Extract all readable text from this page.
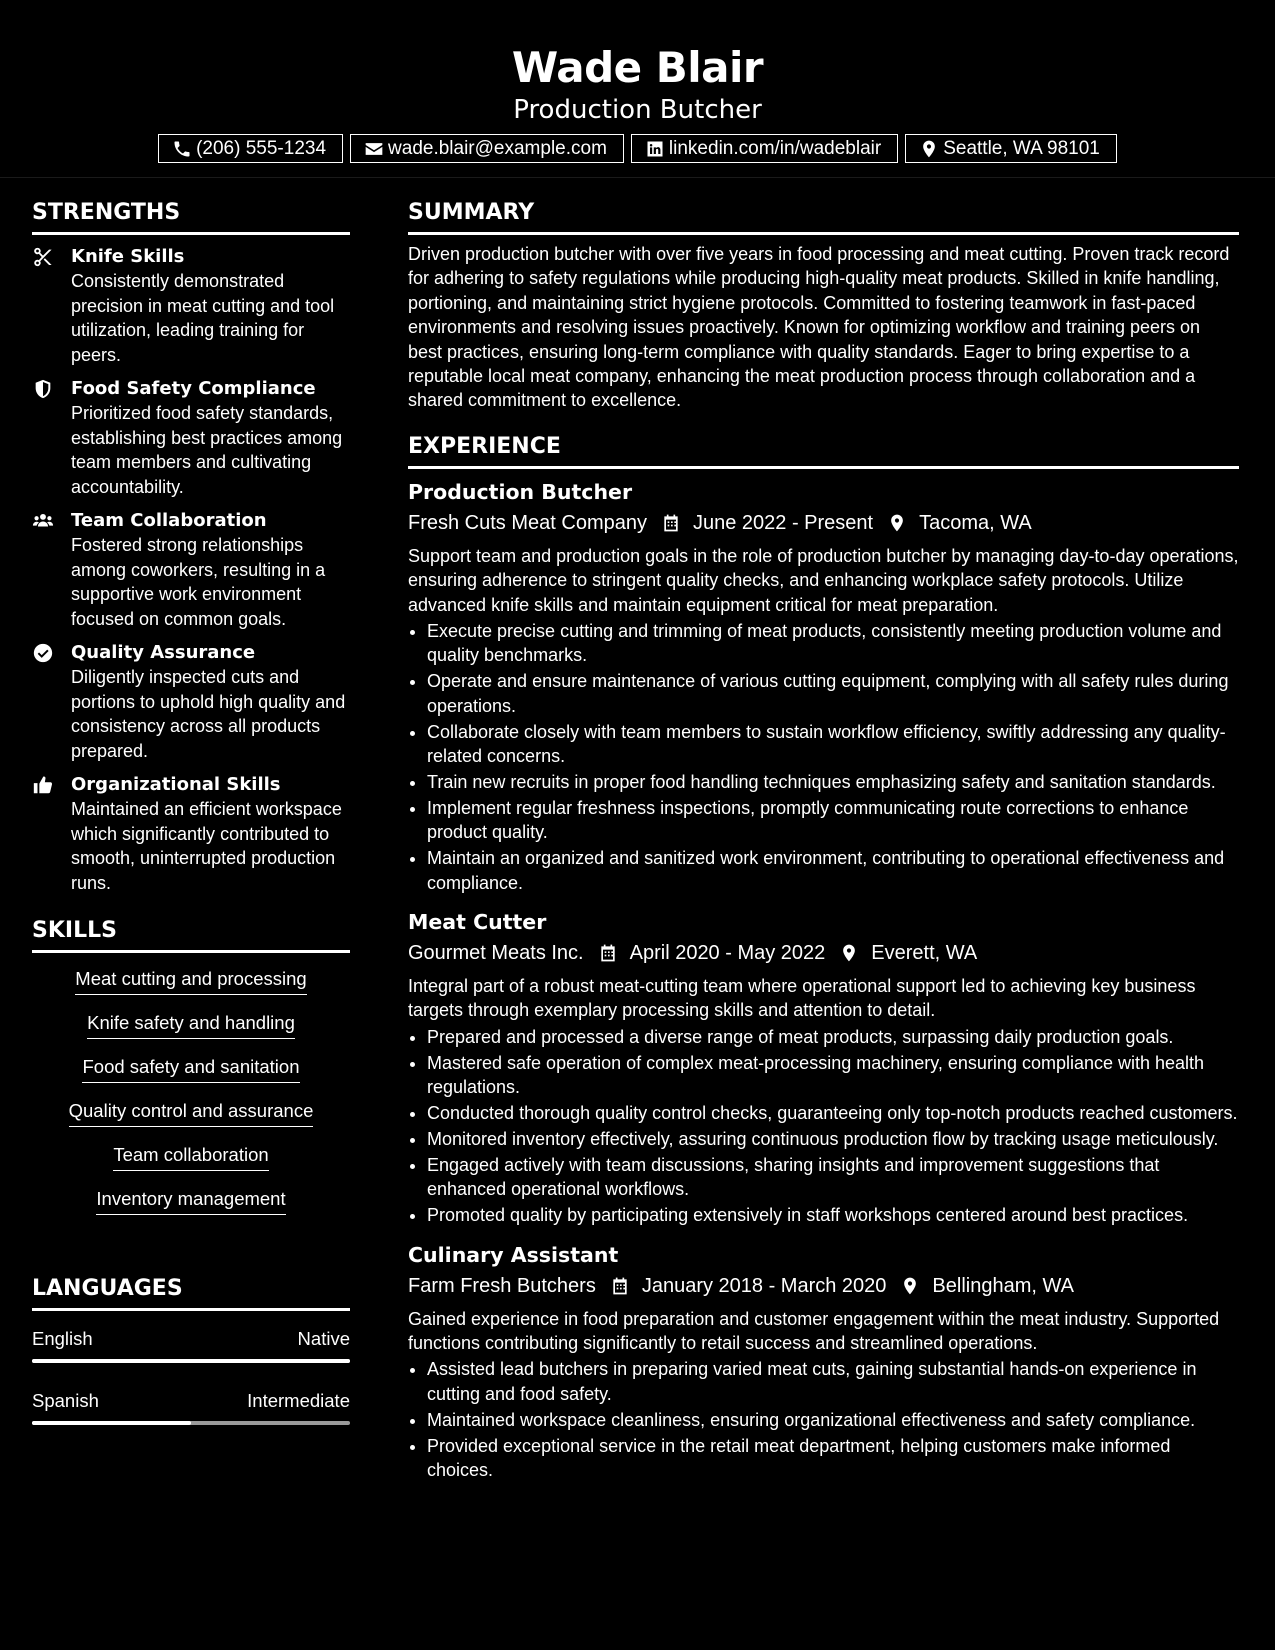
Wade Blair
Production Butcher
(206) 555-1234	wade.blair@example.com	linkedin.com/in/wadeblair	Seattle, WA 98101
STRENGTHS
Knife Skills
Consistently demonstrated precision in meat cutting and tool utilization, leading training for peers.
Food Safety Compliance
Prioritized food safety standards, establishing best practices among team members and cultivating accountability.
Team Collaboration
Fostered strong relationships among coworkers, resulting in a supportive work environment focused on common goals.
Quality Assurance
Diligently inspected cuts and portions to uphold high quality and consistency across all products prepared.
Organizational Skills
Maintained an efficient workspace which significantly contributed to smooth, uninterrupted production runs.
SKILLS
Meat cutting and processing
Knife safety and handling
Food safety and sanitation
Quality control and assurance
Team collaboration
Inventory management
LANGUAGES
English	Native
Spanish	Intermediate
SUMMARY
Driven production butcher with over five years in food processing and meat cutting. Proven track record for adhering to safety regulations while producing high-quality meat products. Skilled in knife handling, portioning, and maintaining strict hygiene protocols. Committed to fostering teamwork in fast-paced environments and resolving issues proactively. Known for optimizing workflow and training peers on best practices, ensuring long-term compliance with quality standards. Eager to bring expertise to a reputable local meat company, enhancing the meat production process through collaboration and a shared commitment to excellence.
EXPERIENCE
Production Butcher
Fresh Cuts Meat Company June 2022 - Present Tacoma, WA
Support team and production goals in the role of production butcher by managing day-to-day operations, ensuring adherence to stringent quality checks, and enhancing workplace safety protocols. Utilize advanced knife skills and maintain equipment critical for meat preparation.
• Execute precise cutting and trimming of meat products, consistently meeting production volume and quality benchmarks.
• Operate and ensure maintenance of various cutting equipment, complying with all safety rules during operations.
• Collaborate closely with team members to sustain workflow efficiency, swiftly addressing any quality-related concerns.
• Train new recruits in proper food handling techniques emphasizing safety and sanitation standards.
• Implement regular freshness inspections, promptly communicating route corrections to enhance product quality.
• Maintain an organized and sanitized work environment, contributing to operational effectiveness and compliance.
Meat Cutter
Gourmet Meats Inc. April 2020 - May 2022 Everett, WA
Integral part of a robust meat-cutting team where operational support led to achieving key business targets through exemplary processing skills and attention to detail.
• Prepared and processed a diverse range of meat products, surpassing daily production goals.
• Mastered safe operation of complex meat-processing machinery, ensuring compliance with health regulations.
• Conducted thorough quality control checks, guaranteeing only top-notch products reached customers.
• Monitored inventory effectively, assuring continuous production flow by tracking usage meticulously.
• Engaged actively with team discussions, sharing insights and improvement suggestions that enhanced operational workflows.
• Promoted quality by participating extensively in staff workshops centered around best practices.
Culinary Assistant
Farm Fresh Butchers January 2018 - March 2020 Bellingham, WA
Gained experience in food preparation and customer engagement within the meat industry. Supported functions contributing significantly to retail success and streamlined operations.
• Assisted lead butchers in preparing varied meat cuts, gaining substantial hands-on experience in cutting and food safety.
• Maintained workspace cleanliness, ensuring organizational effectiveness and safety compliance.
• Provided exceptional service in the retail meat department, helping customers make informed choices.
